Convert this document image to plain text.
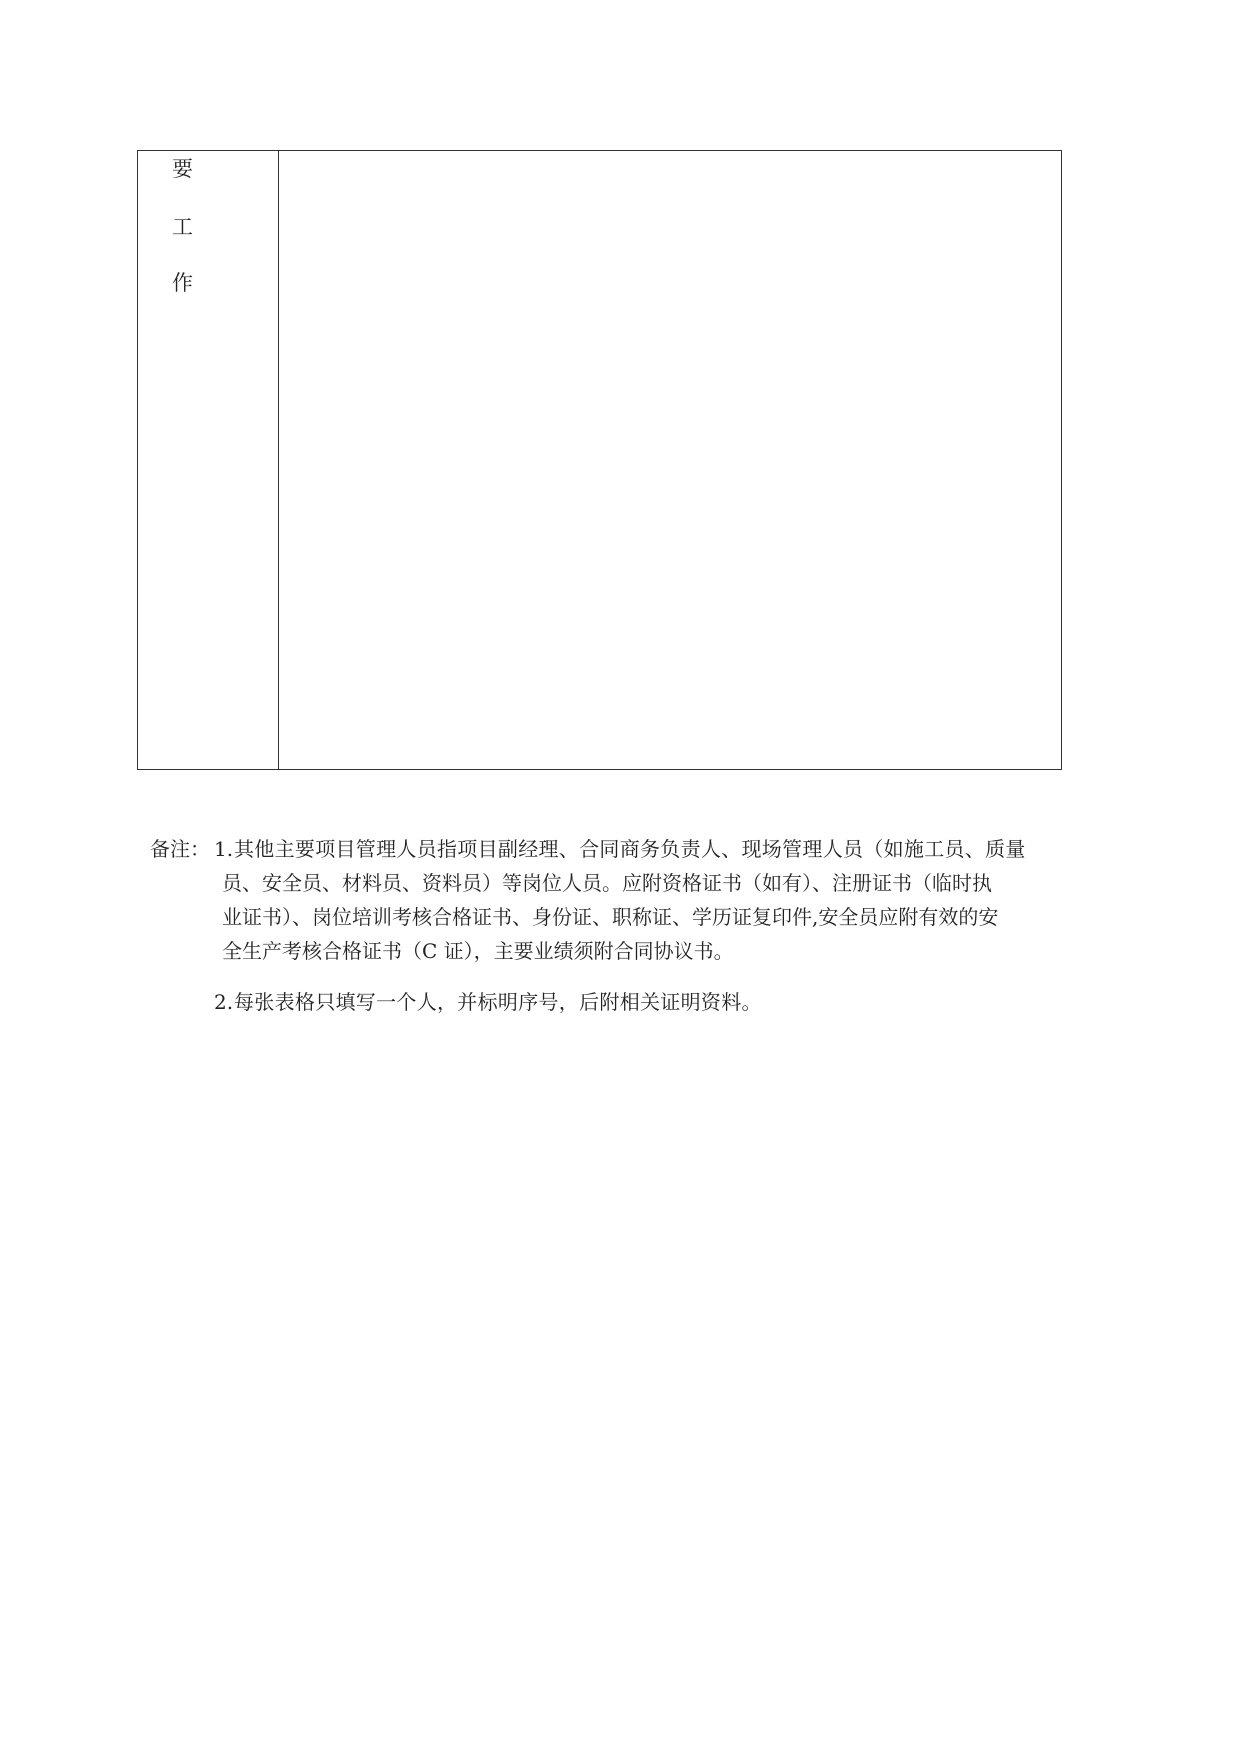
要
工
作
备注： 1. 其他主要项目管理人员指项目副经理、合同商务负责人、现场管理人员（如施工员、质量
员、安全员、材料员、资料员）等岗位人员。应附资格证书（如有）、注册证书（临时执
业证书）、岗位培训考核合格证书、身份证、职称证、学历证复印件,安全员应附有效的安
全生产考核合格证书（C 证），主要业绩须附合同协议书。
2. 每张表格只填写一个人，并标明序号，后附相关证明资料。
